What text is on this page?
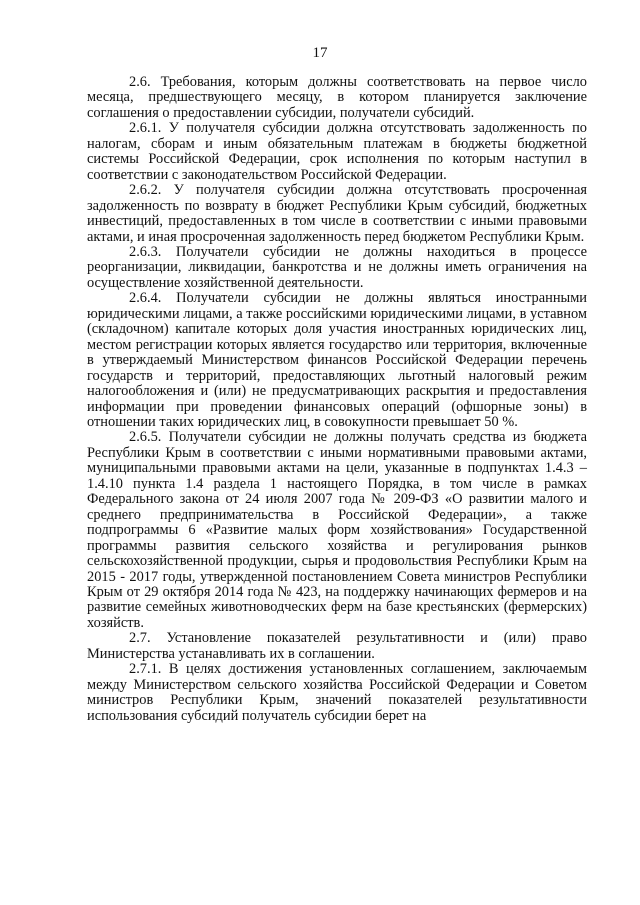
17

2.6. Требования, которым должны соответствовать на первое число месяца, предшествующего месяцу, в котором планируется заключение соглашения о предоставлении субсидии, получатели субсидий.

2.6.1. У получателя субсидии должна отсутствовать задолженность по налогам, сборам и иным обязательным платежам в бюджеты бюджетной системы Российской Федерации, срок исполнения по которым наступил в соответствии с законодательством Российской Федерации.

2.6.2. У получателя субсидии должна отсутствовать просроченная задолженность по возврату в бюджет Республики Крым субсидий, бюджетных инвестиций, предоставленных в том числе в соответствии с иными правовыми актами, и иная просроченная задолженность перед бюджетом Республики Крым.

2.6.3. Получатели субсидии не должны находиться в процессе реорганизации, ликвидации, банкротства и не должны иметь ограничения на осуществление хозяйственной деятельности.

2.6.4. Получатели субсидии не должны являться иностранными юридическими лицами, а также российскими юридическими лицами, в уставном (складочном) капитале которых доля участия иностранных юридических лиц, местом регистрации которых является государство или территория, включенные в утверждаемый Министерством финансов Российской Федерации перечень государств и территорий, предоставляющих льготный налоговый режим налогообложения и (или) не предусматривающих раскрытия и предоставления информации при проведении финансовых операций (офшорные зоны) в отношении таких юридических лиц, в совокупности превышает 50 %.

2.6.5. Получатели субсидии не должны получать средства из бюджета Республики Крым в соответствии с иными нормативными правовыми актами, муниципальными правовыми актами на цели, указанные в подпунктах 1.4.3 – 1.4.10 пункта 1.4 раздела 1 настоящего Порядка, в том числе в рамках Федерального закона от 24 июля 2007 года № 209-ФЗ «О развитии малого и среднего предпринимательства в Российской Федерации», а также подпрограммы 6 «Развитие малых форм хозяйствования» Государственной программы развития сельского хозяйства и регулирования рынков сельскохозяйственной продукции, сырья и продовольствия Республики Крым на 2015 - 2017 годы, утвержденной постановлением Совета министров Республики Крым от 29 октября 2014 года № 423, на поддержку начинающих фермеров и на развитие семейных животноводческих ферм на базе крестьянских (фермерских) хозяйств.

2.7. Установление показателей результативности и (или) право Министерства устанавливать их в соглашении.

2.7.1. В целях достижения установленных соглашением, заключаемым между Министерством сельского хозяйства Российской Федерации и Советом министров Республики Крым, значений показателей результативности использования субсидий получатель субсидии берет на
